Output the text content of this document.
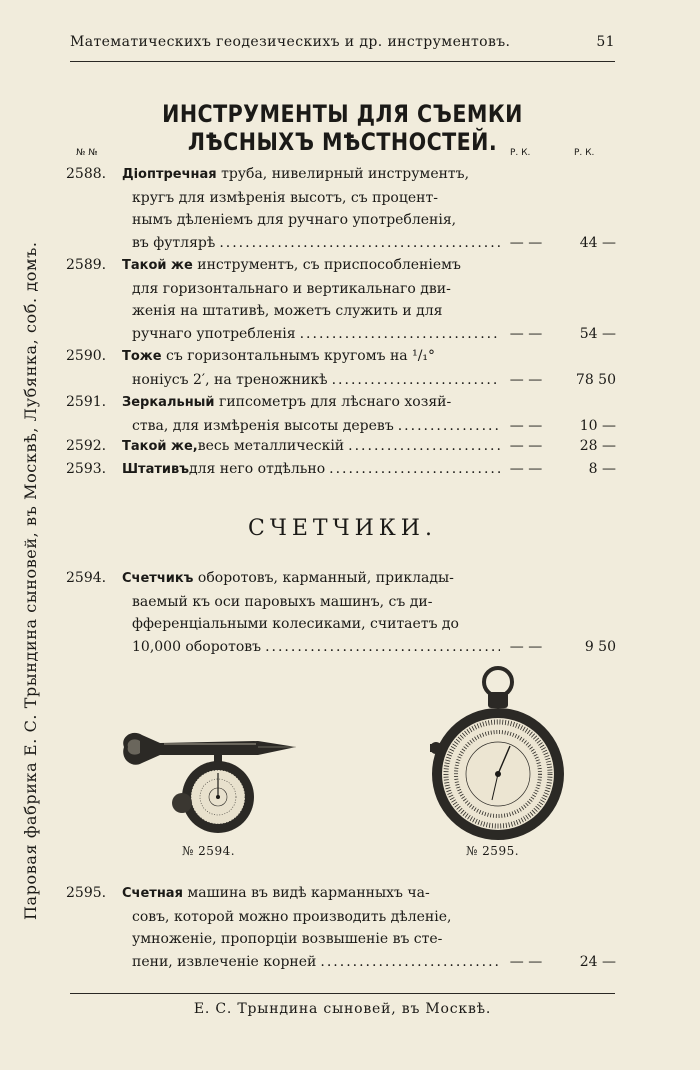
Математическихъ геодезическихъ и др. инструментовъ.	51
Паровая фабрика Е. С. Трындина сыновей, въ Москвѣ, Лубянка, соб. домъ.
ИНСТРУМЕНТЫ ДЛЯ СЪЕМКИ ЛѢСНЫХЪ МѢСТНОСТЕЙ.
№ №	Р. К.	Р. К.
2588. Діоптречная труба, нивелирный инструментъ,
кругъ для измѣренія высотъ, съ процент-
нымъ дѣленіемъ для ручнаго употребленія,
въ футлярѣ .....	— —	44 —
2589. Такой же инструментъ, съ приспособленіемъ
для горизонтальнаго и вертикальнаго дви-
женія на штативѣ, можетъ служить и для
ручнаго употребленія .....	— —	54 —
2590. Тоже съ горизонтальнымъ кругомъ на ¹/₁°
нoніусъ 2′, на треножникѣ .....	— —	78 50
2591. Зеркальный гипсометръ для лѣснаго хозяй-
ства, для измѣренія высоты деревъ .....	— —	10 —
2592. Такой же, весь металлическій .....	— —	28 —
2593. Штативъ для него отдѣльно .....	— —	8 —
СЧЕТЧИКИ.
2594. Счетчикъ оборотовъ, карманный, приклады-
ваемый къ оси паровыхъ машинъ, съ ди-
фференціальными колесиками, считаетъ до
10,000 оборотовъ .....	— —	9 50
№ 2594.	№ 2595.
2595. Счетная машина въ видѣ карманныхъ ча-
совъ, которой можно производить дѣленіе,
умноженіе, пропорціи возвышеніе въ сте-
пени, извлеченіе корней .....	— —	24 —
Е. С. Трындина сыновей, въ Москвѣ.
